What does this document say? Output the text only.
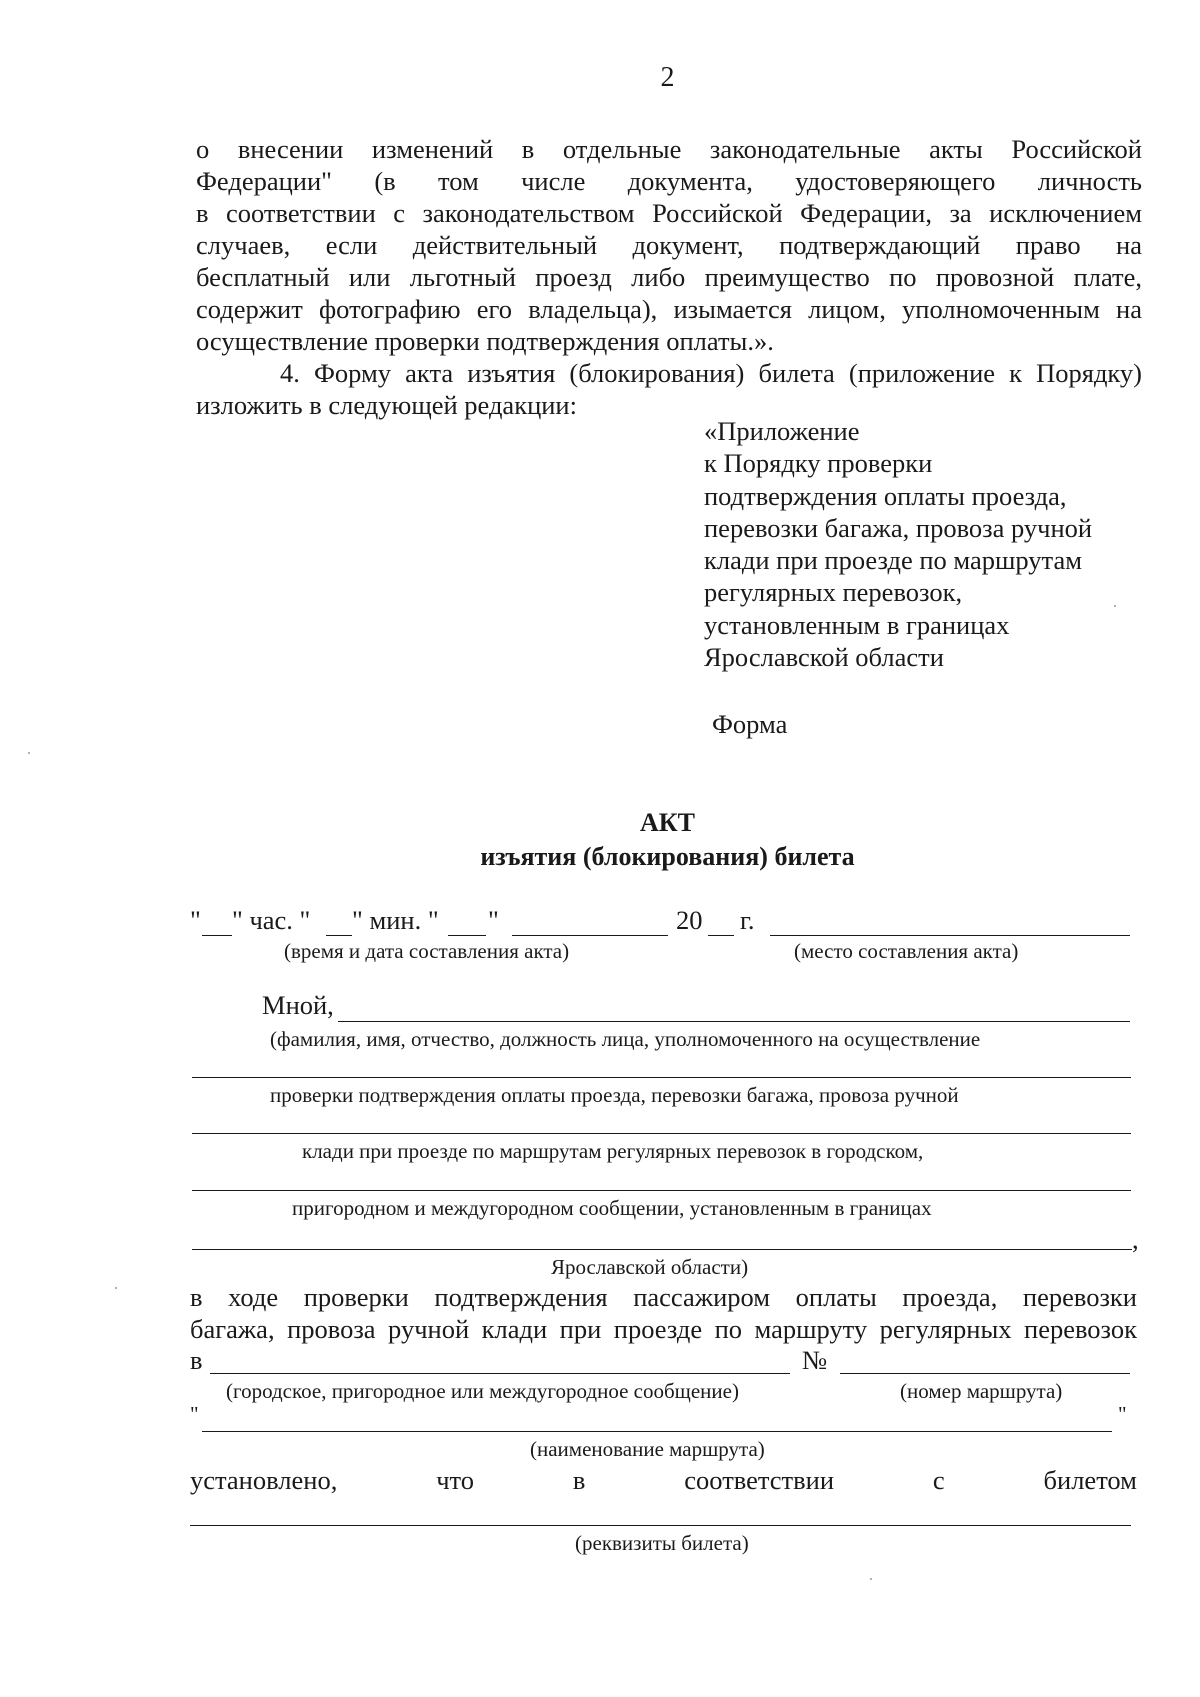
2
о внесении изменений в отдельные законодательные акты Российской
Федерации" (в том числе документа, удостоверяющего личность
в соответствии с законодательством Российской Федерации, за исключением
случаев, если действительный документ, подтверждающий право на
бесплатный или льготный проезд либо преимущество по провозной плате,
содержит фотографию его владельца), изымается лицом, уполномоченным на
осуществление проверки подтверждения оплаты.».
4. Форму акта изъятия (блокирования) билета (приложение к Порядку)
изложить в следующей редакции:
«Приложение
к Порядку проверки
подтверждения оплаты проезда,
перевозки багажа, провоза ручной
клади при проезде по маршрутам
регулярных перевозок,
установленным в границах
Ярославской области
Форма
АКТ
изъятия (блокирования) билета
" " час. " " мин. " "	20 г.
(время и дата составления акта)	(место составления акта)
Мной,
(фамилия, имя, отчество, должность лица, уполномоченного на осуществление
проверки подтверждения оплаты проезда, перевозки багажа, провоза ручной
клади при проезде по маршрутам регулярных перевозок в городском,
пригородном и междугородном сообщении, установленным в границах
,
Ярославской области)
в ходе проверки подтверждения пассажиром оплаты проезда, перевозки
багажа, провоза ручной клади при проезде по маршруту регулярных перевозок
в	№
(городское, пригородное или междугородное сообщение)	(номер маршрута)
"	"
(наименование маршрута)
установлено,	что	в	соответствии	с	билетом
(реквизиты билета)
